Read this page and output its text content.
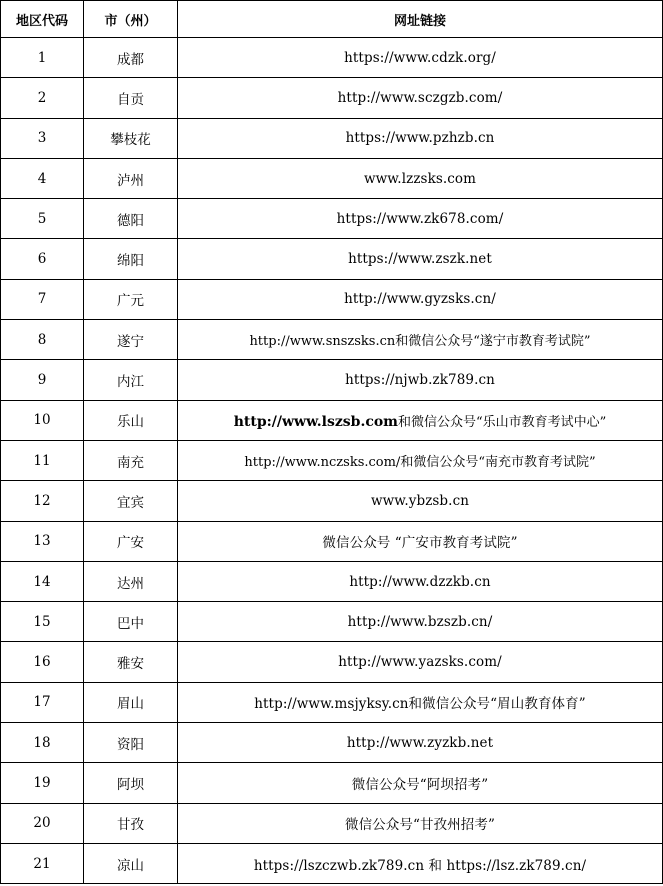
地区代码	市（州）	网址链接
1	成都	https://www.cdzk.org/
2	自贡	http://www.sczgzb.com/
3	攀枝花	https://www.pzhzb.cn
4	泸州	www.lzzsks.com
5	德阳	https://www.zk678.com/
6	绵阳	https://www.zszk.net
7	广元	http://www.gyzsks.cn/
8	遂宁	http://www.snszsks.cn和微信公众号“遂宁市教育考试院”
9	内江	https://njwb.zk789.cn
10	乐山	http://www.lszsb.com和微信公众号“乐山市教育考试中心”
11	南充	http://www.nczsks.com/和微信公众号“南充市教育考试院”
12	宜宾	www.ybzsb.cn
13	广安	微信公众号 “广安市教育考试院”
14	达州	http://www.dzzkb.cn
15	巴中	http://www.bzszb.cn/
16	雅安	http://www.yazsks.com/
17	眉山	http://www.msjyksy.cn和微信公众号“眉山教育体育”
18	资阳	http://www.zyzkb.net
19	阿坝	微信公众号“阿坝招考”
20	甘孜	微信公众号“甘孜州招考”
21	凉山	https://lszczwb.zk789.cn 和 https://lsz.zk789.cn/
